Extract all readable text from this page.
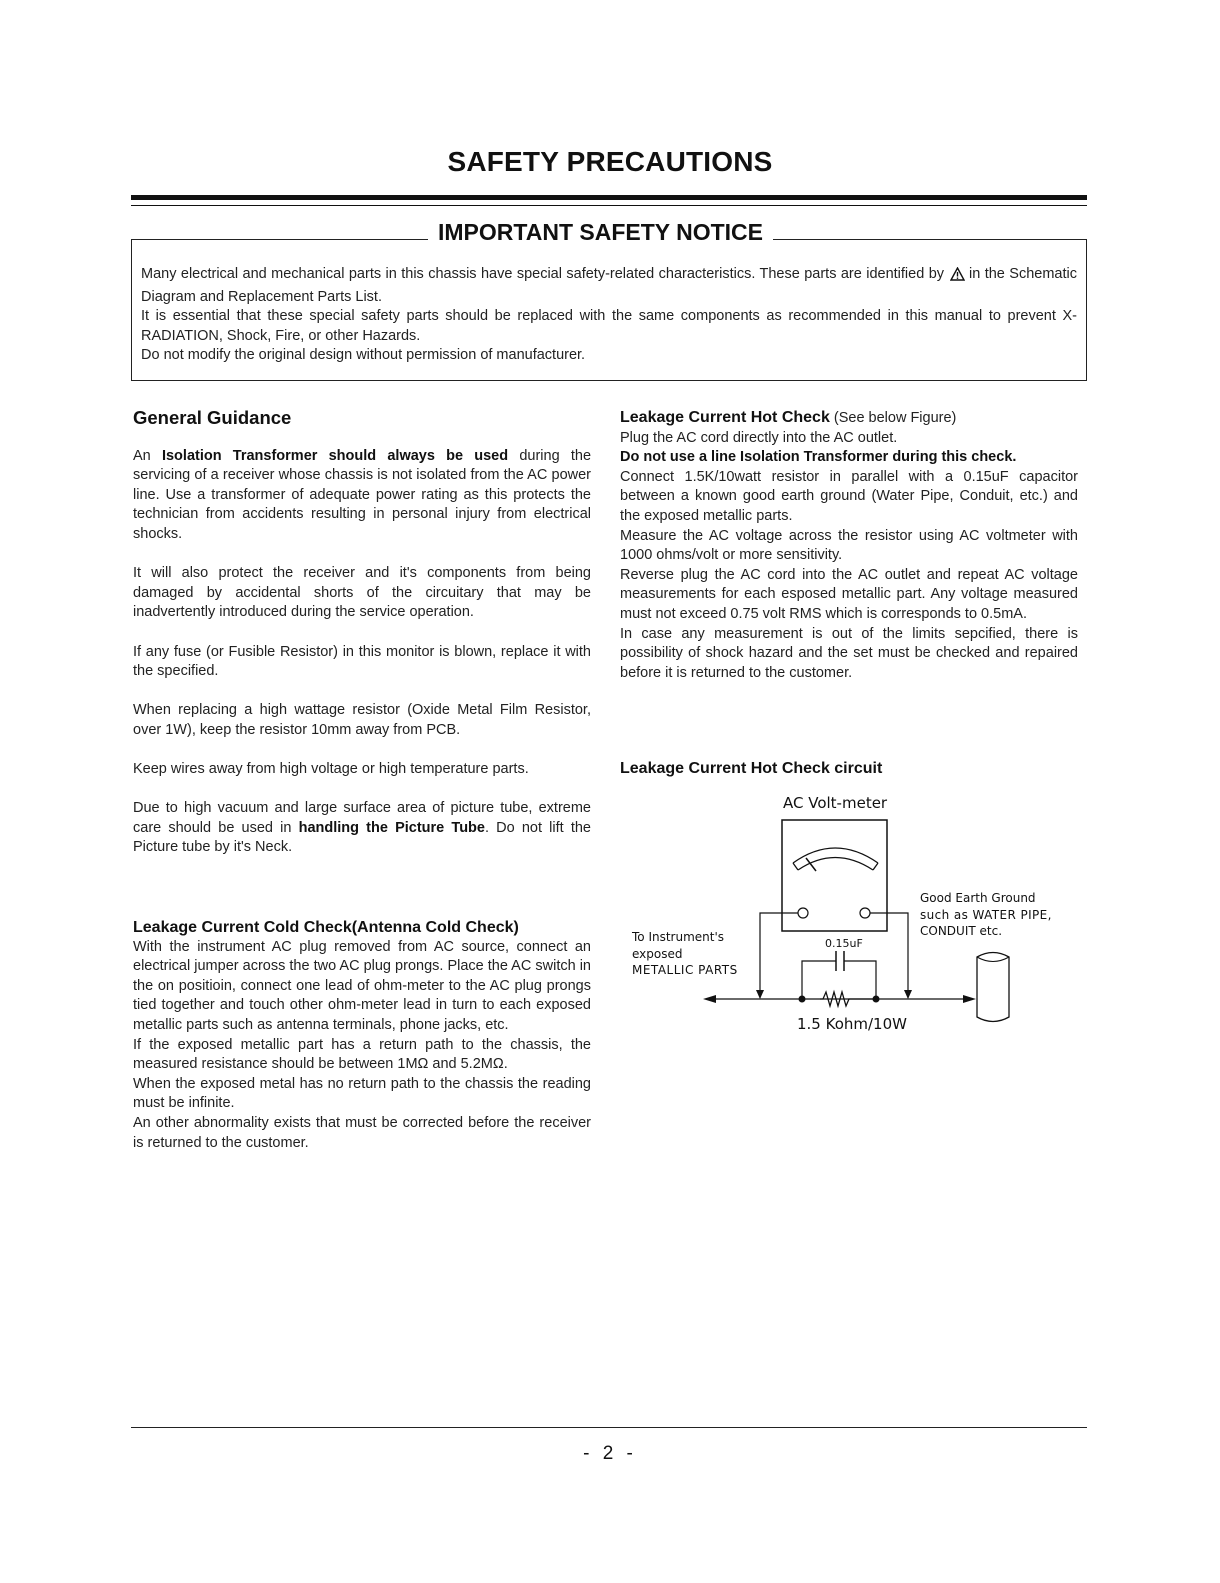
SAFETY PRECAUTIONS
IMPORTANT SAFETY NOTICE

Many electrical and mechanical parts in this chassis have special safety-related characteristics. These parts are identified by in the Schematic Diagram and Replacement Parts List.

It is essential that these special safety parts should be replaced with the same components as recommended in this manual to prevent X-RADIATION, Shock, Fire, or other Hazards.

Do not modify the original design without permission of manufacturer.

General Guidance

An Isolation Transformer should always be used during the servicing of a receiver whose chassis is not isolated from the AC power line. Use a transformer of adequate power rating as this protects the technician from accidents resulting in personal injury from electrical shocks.

It will also protect the receiver and it's components from being damaged by accidental shorts of the circuitary that may be inadvertently introduced during the service operation.

If any fuse (or Fusible Resistor) in this monitor is blown, replace it with the specified.

When replacing a high wattage resistor (Oxide Metal Film Resistor, over 1W), keep the resistor 10mm away from PCB.

Keep wires away from high voltage or high temperature parts.

Due to high vacuum and large surface area of picture tube, extreme care should be used in handling the Picture Tube. Do not lift the Picture tube by it's Neck.

Leakage Current Cold Check(Antenna Cold Check)

With the instrument AC plug removed from AC source, connect an electrical jumper across the two AC plug prongs. Place the AC switch in the on positioin, connect one lead of ohm-meter to the AC plug prongs tied together and touch other ohm-meter lead in turn to each exposed metallic parts such as antenna terminals, phone jacks, etc.

If the exposed metallic part has a return path to the chassis, the measured resistance should be between 1MΩ and 5.2MΩ.

When the exposed metal has no return path to the chassis the reading must be infinite.

An other abnormality exists that must be corrected before the receiver is returned to the customer.

Leakage Current Hot Check (See below Figure)

Plug the AC cord directly into the AC outlet.

Do not use a line Isolation Transformer during this check.

Connect 1.5K/10watt resistor in parallel with a 0.15uF capacitor between a known good earth ground (Water Pipe, Conduit, etc.) and the exposed metallic parts.

Measure the AC voltage across the resistor using AC voltmeter with 1000 ohms/volt or more sensitivity.

Reverse plug the AC cord into the AC outlet and repeat AC voltage measurements for each esposed metallic part. Any voltage measured must not exceed 0.75 volt RMS which is corresponds to 0.5mA.

In case any measurement is out of the limits sepcified, there is possibility of shock hazard and the set must be checked and repaired before it is returned to the customer.

Leakage Current Hot Check circuit
AC Volt-meter
0.15uF
To Instrument's
exposed
METALLIC PARTS
Good Earth Ground
such as WATER PIPE,
CONDUIT etc.
1.5 Kohm/10W
- 2 -
